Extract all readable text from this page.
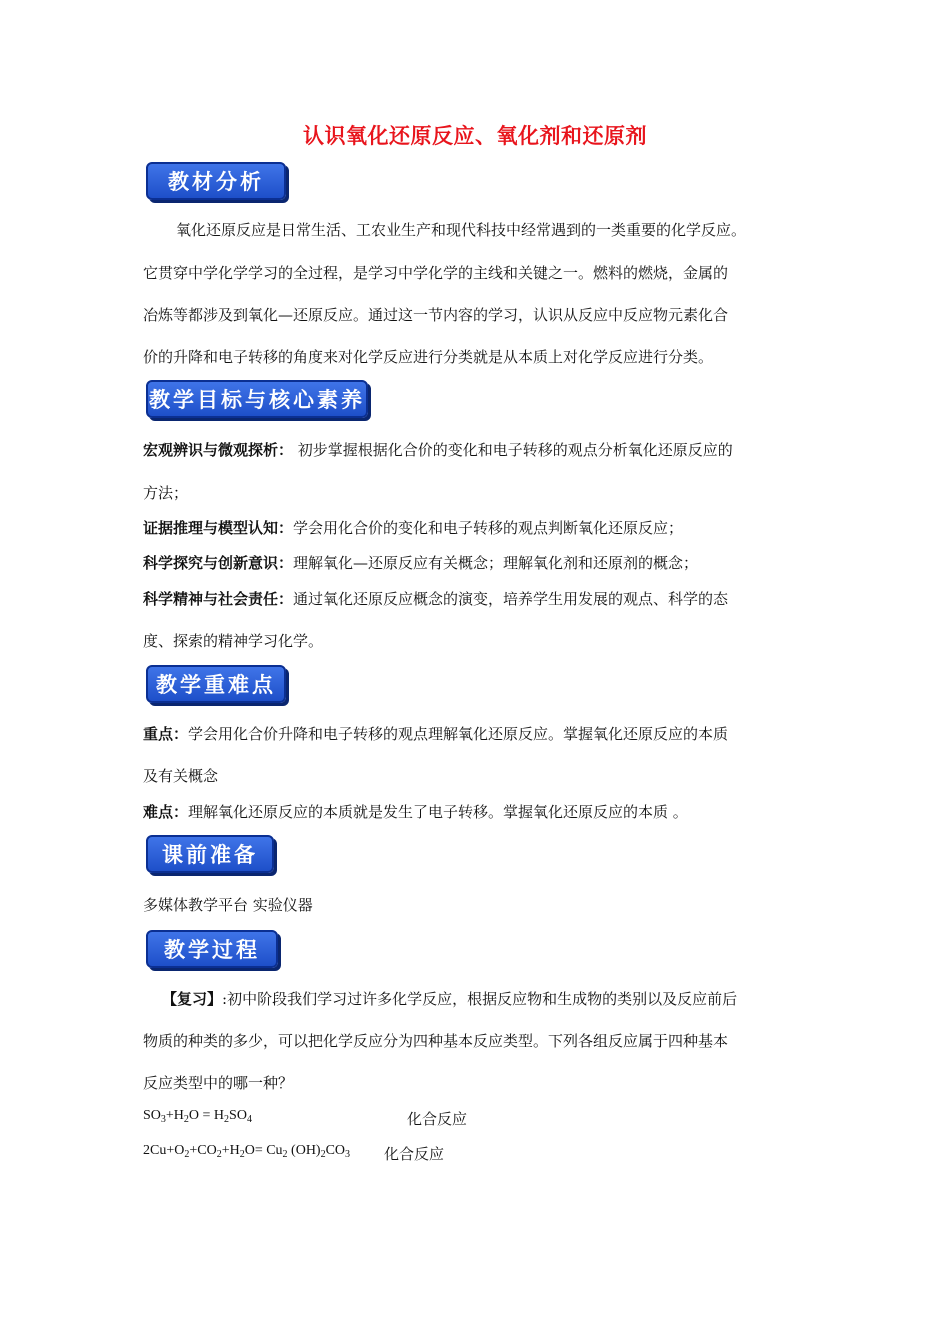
认识氧化还原反应、氧化剂和还原剂
教材分析
氧化还原反应是日常生活、工农业生产和现代科技中经常遇到的一类重要的化学反应。
它贯穿中学化学学习的全过程，是学习中学化学的主线和关键之一。燃料的燃烧，金属的
冶炼等都涉及到氧化—还原反应。通过这一节内容的学习，认识从反应中反应物元素化合
价的升降和电子转移的角度来对化学反应进行分类就是从本质上对化学反应进行分类。
教学目标与核心素养
宏观辨识与微观探析： 初步掌握根据化合价的变化和电子转移的观点分析氧化还原反应的
方法；
证据推理与模型认知：学会用化合价的变化和电子转移的观点判断氧化还原反应；
科学探究与创新意识：理解氧化—还原反应有关概念；理解氧化剂和还原剂的概念；
科学精神与社会责任：通过氧化还原反应概念的演变，培养学生用发展的观点、科学的态
度、探索的精神学习化学。
教学重难点
重点：学会用化合价升降和电子转移的观点理解氧化还原反应。掌握氧化还原反应的本质
及有关概念
难点：理解氧化还原反应的本质就是发生了电子转移。掌握氧化还原反应的本质 。
课前准备
多媒体教学平台 实验仪器
教学过程
【复习】:初中阶段我们学习过许多化学反应，根据反应物和生成物的类别以及反应前后
物质的种类的多少，可以把化学反应分为四种基本反应类型。下列各组反应属于四种基本
反应类型中的哪一种？
$SO_3+H_2O = H_2SO_4$	化合反应
$2Cu+O_2+CO_2+H_2O= Cu_2$ $(OH)_2CO_3$ 化合反应
